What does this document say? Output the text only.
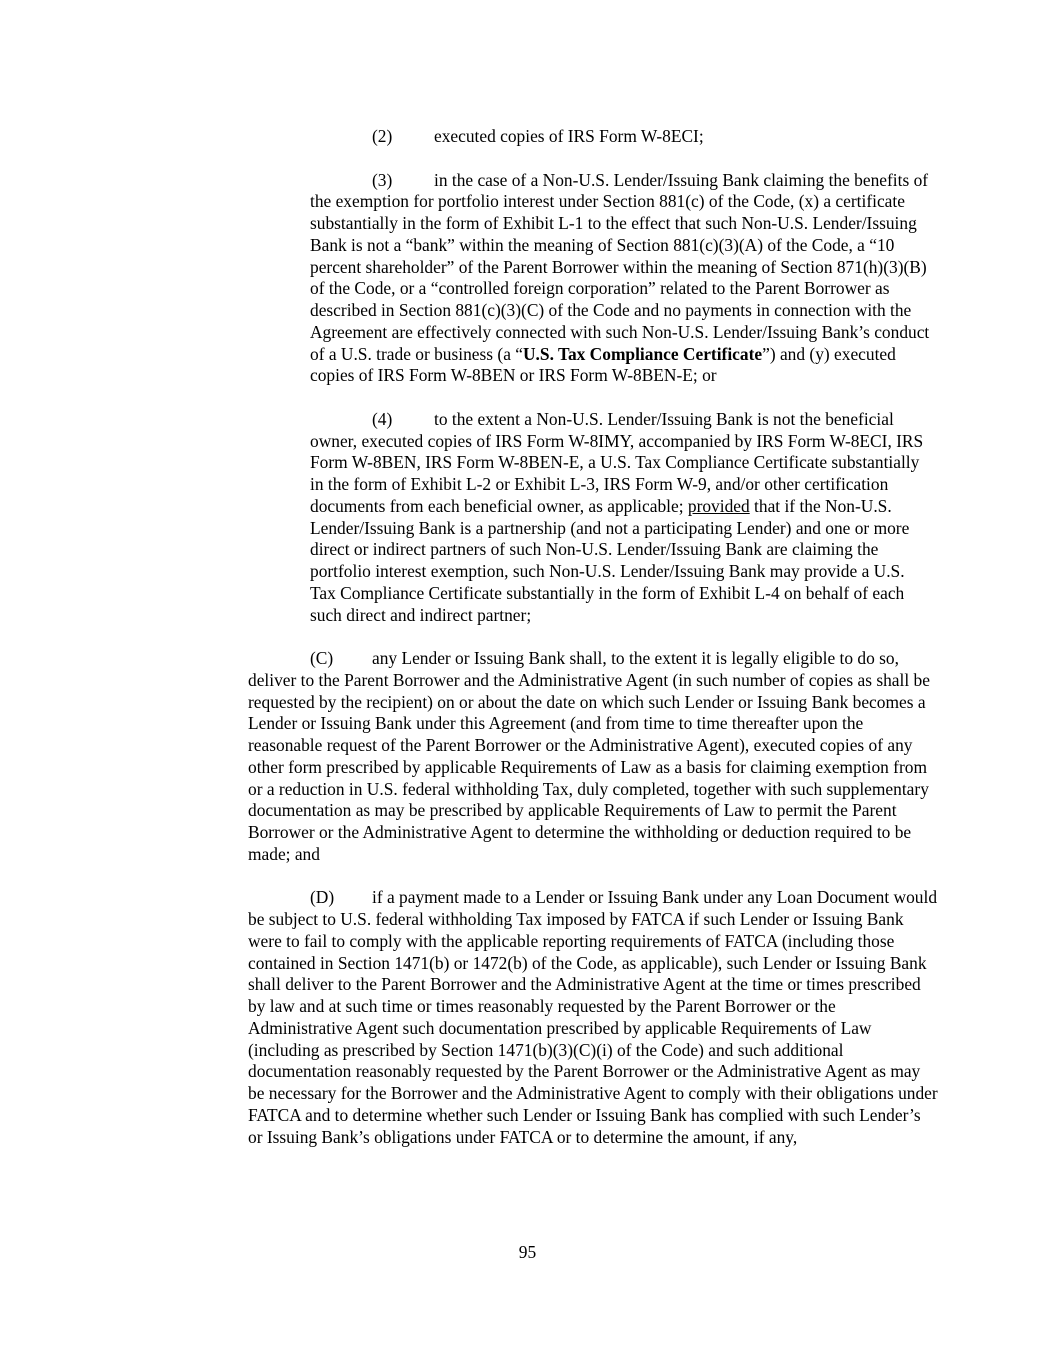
(2) executed copies of IRS Form W-8ECI;

(3) in the case of a Non-U.S. Lender/Issuing Bank claiming the benefits of the exemption for portfolio interest under Section 881(c) of the Code, (x) a certificate substantially in the form of Exhibit L-1 to the effect that such Non-U.S. Lender/Issuing Bank is not a “bank” within the meaning of Section 881(c)(3)(A) of the Code, a “10 percent shareholder” of the Parent Borrower within the meaning of Section 871(h)(3)(B) of the Code, or a “controlled foreign corporation” related to the Parent Borrower as described in Section 881(c)(3)(C) of the Code and no payments in connection with the Agreement are effectively connected with such Non-U.S. Lender/Issuing Bank’s conduct of a U.S. trade or business (a “U.S. Tax Compliance Certificate”) and (y) executed copies of IRS Form W-8BEN or IRS Form W-8BEN-E; or

(4) to the extent a Non-U.S. Lender/Issuing Bank is not the beneficial owner, executed copies of IRS Form W-8IMY, accompanied by IRS Form W-8ECI, IRS Form W-8BEN, IRS Form W-8BEN-E, a U.S. Tax Compliance Certificate substantially in the form of Exhibit L-2 or Exhibit L-3, IRS Form W-9, and/or other certification documents from each beneficial owner, as applicable; provided that if the Non-U.S. Lender/Issuing Bank is a partnership (and not a participating Lender) and one or more direct or indirect partners of such Non-U.S. Lender/Issuing Bank are claiming the portfolio interest exemption, such Non-U.S. Lender/Issuing Bank may provide a U.S. Tax Compliance Certificate substantially in the form of Exhibit L-4 on behalf of each such direct and indirect partner;

(C) any Lender or Issuing Bank shall, to the extent it is legally eligible to do so, deliver to the Parent Borrower and the Administrative Agent (in such number of copies as shall be requested by the recipient) on or about the date on which such Lender or Issuing Bank becomes a Lender or Issuing Bank under this Agreement (and from time to time thereafter upon the reasonable request of the Parent Borrower or the Administrative Agent), executed copies of any other form prescribed by applicable Requirements of Law as a basis for claiming exemption from or a reduction in U.S. federal withholding Tax, duly completed, together with such supplementary documentation as may be prescribed by applicable Requirements of Law to permit the Parent Borrower or the Administrative Agent to determine the withholding or deduction required to be made; and

(D) if a payment made to a Lender or Issuing Bank under any Loan Document would be subject to U.S. federal withholding Tax imposed by FATCA if such Lender or Issuing Bank were to fail to comply with the applicable reporting requirements of FATCA (including those contained in Section 1471(b) or 1472(b) of the Code, as applicable), such Lender or Issuing Bank shall deliver to the Parent Borrower and the Administrative Agent at the time or times prescribed by law and at such time or times reasonably requested by the Parent Borrower or the Administrative Agent such documentation prescribed by applicable Requirements of Law (including as prescribed by Section 1471(b)(3)(C)(i) of the Code) and such additional documentation reasonably requested by the Parent Borrower or the Administrative Agent as may be necessary for the Borrower and the Administrative Agent to comply with their obligations under FATCA and to determine whether such Lender or Issuing Bank has complied with such Lender’s or Issuing Bank’s obligations under FATCA or to determine the amount, if any,

95
